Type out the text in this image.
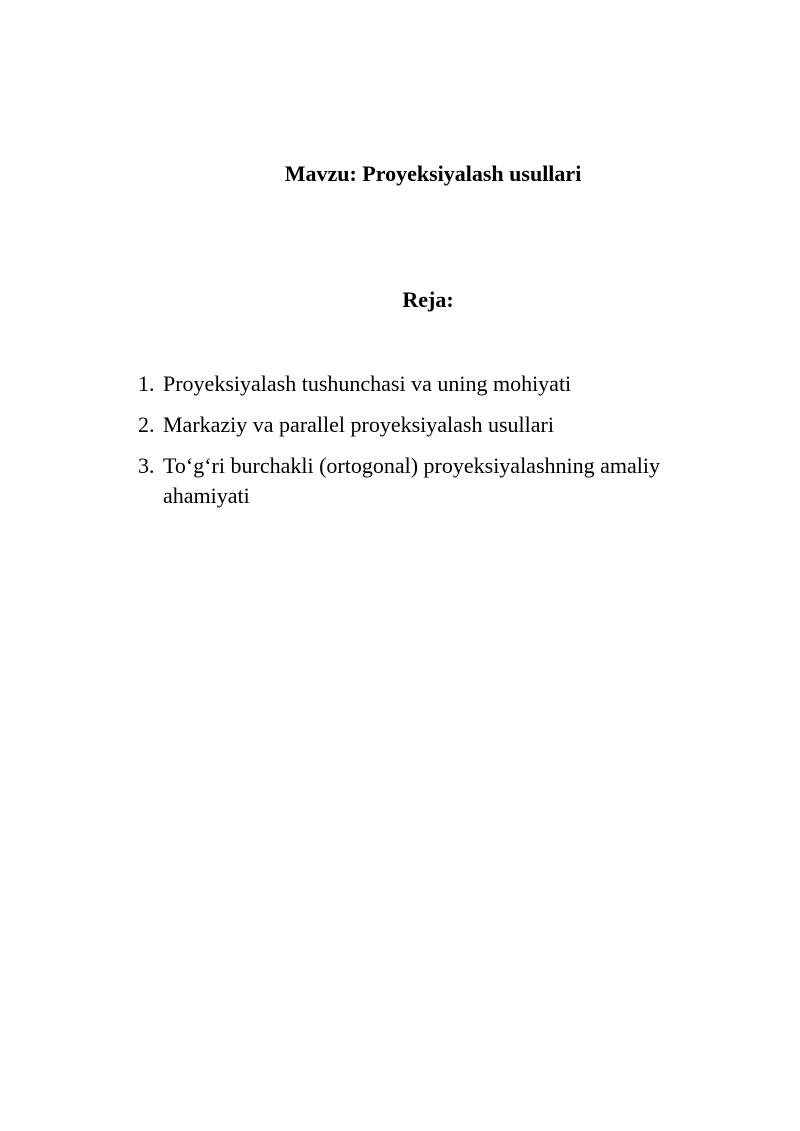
Mavzu: Proyeksiyalash usullari
Reja:
1. Proyeksiyalash tushunchasi va uning mohiyati
2. Markaziy va parallel proyeksiyalash usullari
3. To‘g‘ri burchakli (ortogonal) proyeksiyalashning amaliy ahamiyati
